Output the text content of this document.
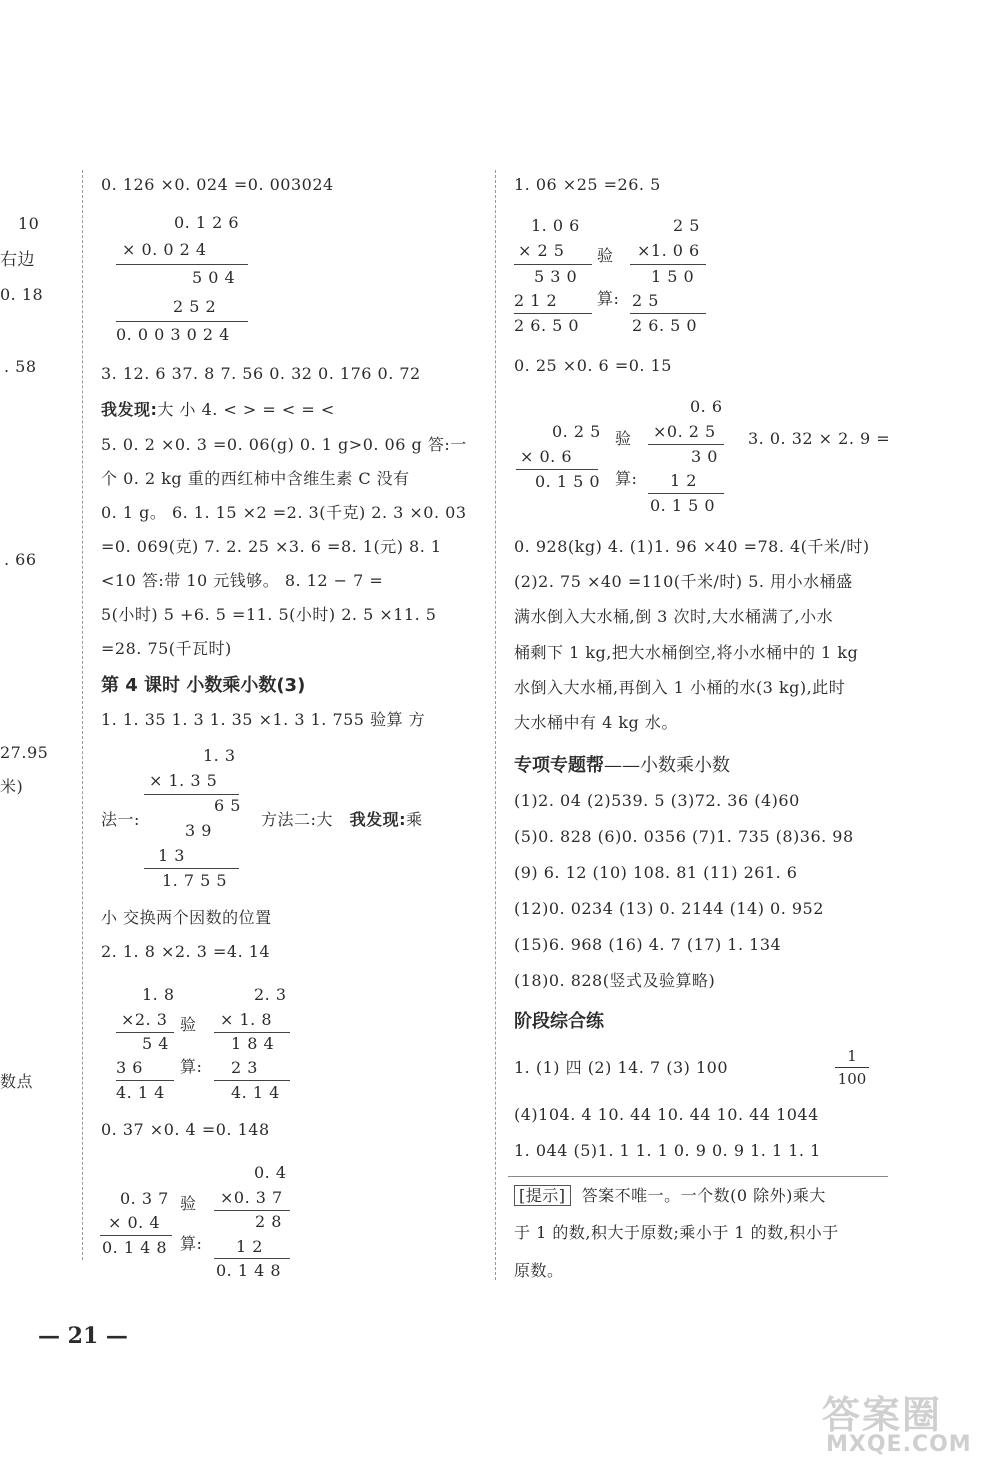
10
右边
0. 18
. 58
. 66
27.95
米)
数点
0. 126 ×0. 024 =0. 003024
0. 1 2 6
× 0. 0 2 4
5 0 4
2 5 2
0. 0 0 3 0 2 4
3. 12. 6 37. 8 7. 56 0. 32 0. 176 0. 72
我发现:大 小 4. < > = < = <
5. 0. 2 ×0. 3 =0. 06(g) 0. 1 g>0. 06 g 答:一
个 0. 2 kg 重的西红柿中含维生素 C 没有
0. 1 g。 6. 1. 15 ×2 =2. 3(千克) 2. 3 ×0. 03
=0. 069(克) 7. 2. 25 ×3. 6 =8. 1(元) 8. 1
<10 答:带 10 元钱够。 8. 12 − 7 =
5(小时) 5 +6. 5 =11. 5(小时) 2. 5 ×11. 5
=28. 75(千瓦时)
第 4 课时 小数乘小数(3)
1. 1. 35 1. 3 1. 35 ×1. 3 1. 755 验算 方
1. 3
× 1. 3 5
6 5
3 9
1 3
1. 7 5 5
法一:	方法二:大 我发现:乘
小 交换两个因数的位置
2. 1. 8 ×2. 3 =4. 14
1. 8
×2. 3
5 4
3 6
4. 1 4
验
算:
2. 3
× 1. 8
1 8 4
2 3
4. 1 4
0. 37 ×0. 4 =0. 148
0. 3 7
× 0. 4
0. 1 4 8
验
算:
0. 4
×0. 3 7
2 8
1 2
0. 1 4 8
1. 06 ×25 =26. 5
1. 0 6
× 2 5
5 3 0
2 1 2
2 6. 5 0
验
算:
2 5
×1. 0 6
1 5 0
2 5
2 6. 5 0
0. 25 ×0. 6 =0. 15
0. 2 5
× 0. 6
0. 1 5 0
验
算:
0. 6
×0. 2 5
3 0
1 2
0. 1 5 0
3. 0. 32 × 2. 9 =
0. 928(kg) 4. (1)1. 96 ×40 =78. 4(千米/时)
(2)2. 75 ×40 =110(千米/时) 5. 用小水桶盛
满水倒入大水桶,倒 3 次时,大水桶满了,小水
桶剩下 1 kg,把大水桶倒空,将小水桶中的 1 kg
水倒入大水桶,再倒入 1 小桶的水(3 kg),此时
大水桶中有 4 kg 水。
专项专题帮——小数乘小数
(1)2. 04 (2)539. 5 (3)72. 36 (4)60
(5)0. 828 (6)0. 0356 (7)1. 735 (8)36. 98
(9) 6. 12 (10) 108. 81 (11) 261. 6
(12)0. 0234 (13) 0. 2144 (14) 0. 952
(15)6. 968 (16) 4. 7 (17) 1. 134
(18)0. 828(竖式及验算略)
阶段综合练
1. (1) 四 (2) 14. 7 (3) 100
1
100
(4)104. 4 10. 44 10. 44 10. 44 1044
1. 044 (5)1. 1 1. 1 0. 9 0. 9 1. 1 1. 1
[提示] 答案不唯一。一个数(0 除外)乘大
于 1 的数,积大于原数;乘小于 1 的数,积小于
原数。
— 21 —
答案圈
MXQE.COM
